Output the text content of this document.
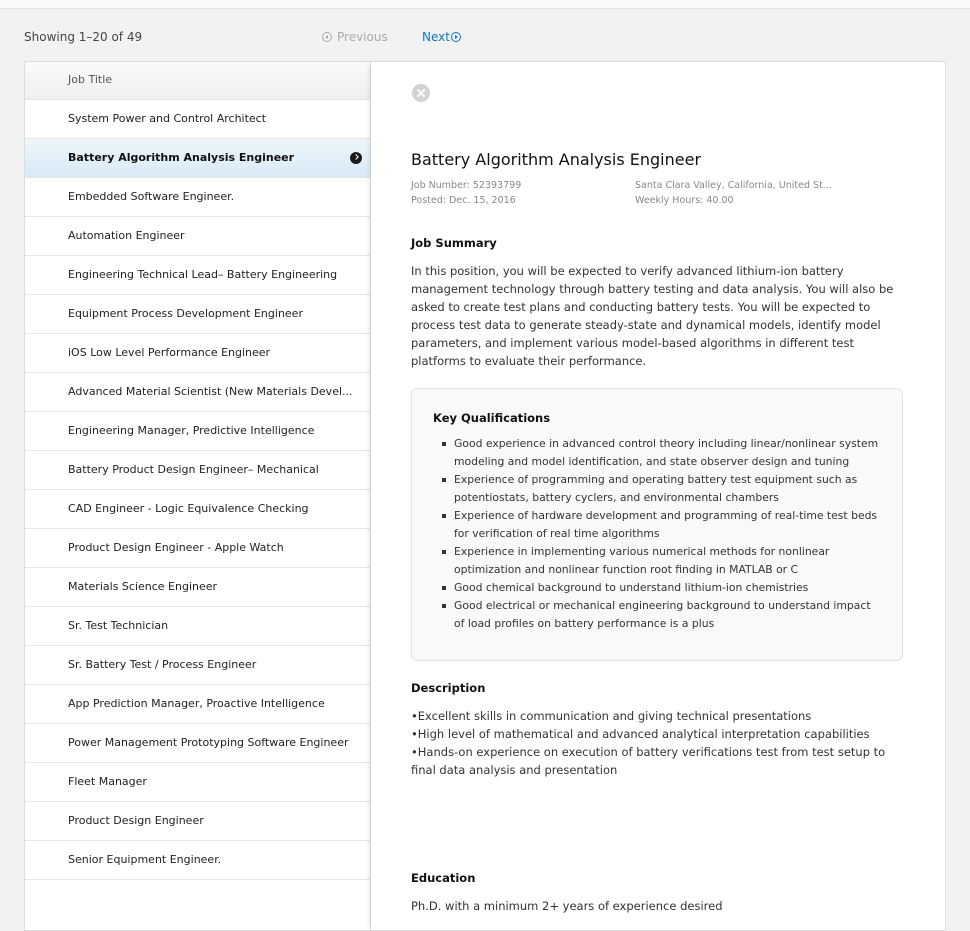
Showing 1–20 of 49	Previous	Next
Job Title
System Power and Control Architect
Battery Algorithm Analysis Engineer
Embedded Software Engineer.
Automation Engineer
Engineering Technical Lead– Battery Engineering
Equipment Process Development Engineer
iOS Low Level Performance Engineer
Advanced Material Scientist (New Materials Devel...
Engineering Manager, Predictive Intelligence
Battery Product Design Engineer– Mechanical
CAD Engineer - Logic Equivalence Checking
Product Design Engineer - Apple Watch
Materials Science Engineer
Sr. Test Technician
Sr. Battery Test / Process Engineer
App Prediction Manager, Proactive Intelligence
Power Management Prototyping Software Engineer
Fleet Manager
Product Design Engineer
Senior Equipment Engineer.
Battery Algorithm Analysis Engineer
Job Number: 52393799
Posted: Dec. 15, 2016
Santa Clara Valley, California, United St...
Weekly Hours: 40.00
Job Summary

In this position, you will be expected to verify advanced lithium-ion battery management technology through battery testing and data analysis. You will also be asked to create test plans and conducting battery tests. You will be expected to process test data to generate steady-state and dynamical models, identify model parameters, and implement various model-based algorithms in different test platforms to evaluate their performance.

Key Qualifications
Good experience in advanced control theory including linear/nonlinear system modeling and model identification, and state observer design and tuning
Experience of programming and operating battery test equipment such as potentiostats, battery cyclers, and environmental chambers
Experience of hardware development and programming of real-time test beds for verification of real time algorithms
Experience in implementing various numerical methods for nonlinear optimization and nonlinear function root finding in MATLAB or C
Good chemical background to understand lithium-ion chemistries
Good electrical or mechanical engineering background to understand impact of load profiles on battery performance is a plus
Description

•Excellent skills in communication and giving technical presentations
•High level of mathematical and advanced analytical interpretation capabilities
•Hands-on experience on execution of battery verifications test from test setup to final data analysis and presentation

Education

Ph.D. with a minimum 2+ years of experience desired
